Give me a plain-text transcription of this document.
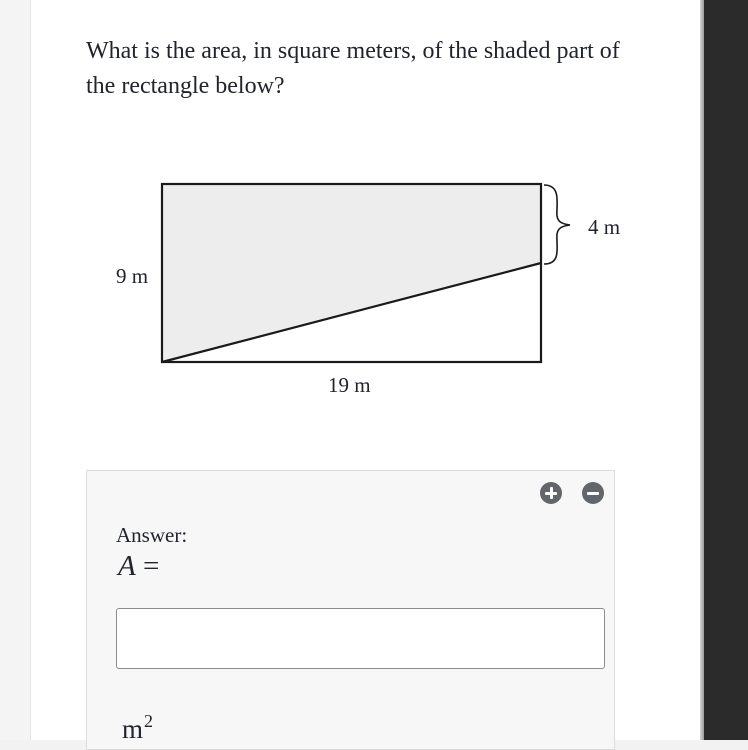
What is the area, in square meters, of the shaded part of the rectangle below?

4 m
9 m
19 m
Answer:
A =
$m^2$
